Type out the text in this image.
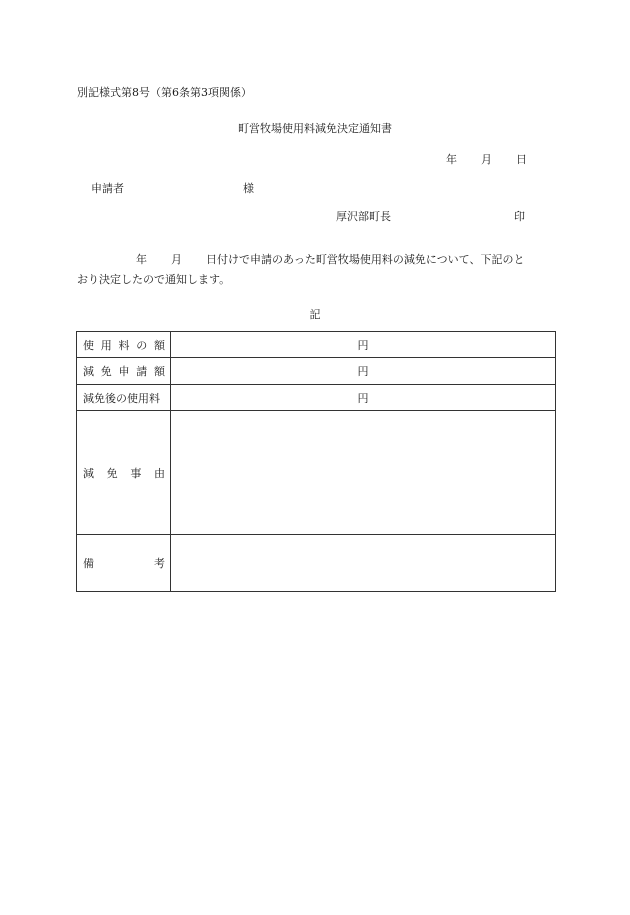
別記様式第8号（第6条第3項関係）
町営牧場使用料減免決定通知書
年 月 日
申請者	様
厚沢部町長	印
年 月 日付けで申請のあった町営牧場使用料の減免について、下記のと
おり決定したので通知します。
記
使 用 料 の 額	円

減 免 申 請 額	円
減免後の使用料	円

減 免 事 由	

備 考	
